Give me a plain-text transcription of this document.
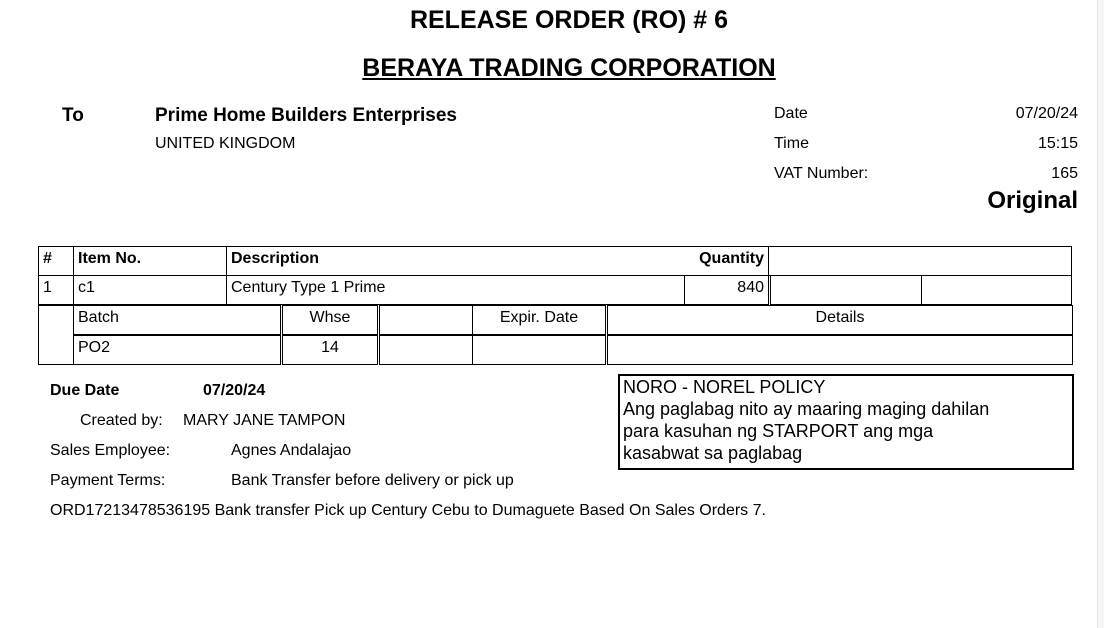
RELEASE ORDER (RO) # 6
BERAYA TRADING CORPORATION
To	Prime Home Builders Enterprises
UNITED KINGDOM
Date	07/20/24
Time	15:15
VAT Number:	165
Original
#	Item No.	Description	Quantity
1	c1	Century Type 1 Prime	840
Batch	Whse	Expir. Date	Details
PO2	14
Due Date	07/20/24
Created by: MARY JANE TAMPON
Sales Employee:	Agnes Andalajao
Payment Terms:	Bank Transfer before delivery or pick up
ORD17213478536195 Bank transfer Pick up Century Cebu to Dumaguete Based On Sales Orders 7.
NORO - NOREL POLICY
Ang paglabag nito ay maaring maging dahilan
para kasuhan ng STARPORT ang mga
kasabwat sa paglabag
